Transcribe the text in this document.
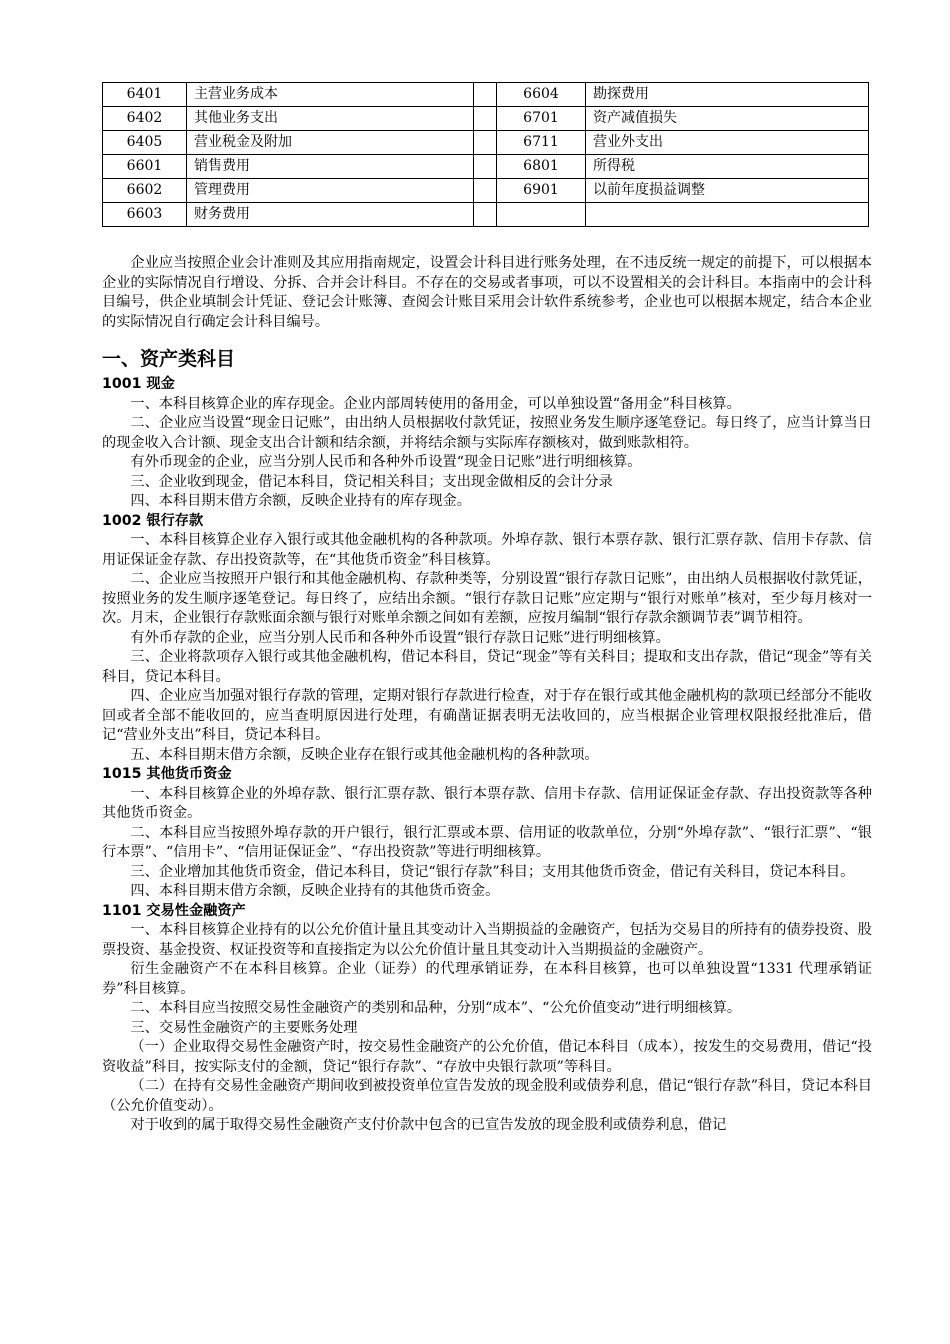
6401	主营业务成本		6604	勘探费用
6402	其他业务支出		6701	资产减值损失
6405	营业税金及附加		6711	营业外支出
6601	销售费用		6801	所得税
6602	管理费用		6901	以前年度损益调整
6603	财务费用			

企业应当按照企业会计准则及其应用指南规定，设置会计科目进行账务处理，在不违反统一规定的前提下，可以根据本企业的实际情况自行增设、分拆、合并会计科目。不存在的交易或者事项，可以不设置相关的会计科目。本指南中的会计科目编号，供企业填制会计凭证、登记会计账簿、查阅会计账目采用会计软件系统参考，企业也可以根据本规定，结合本企业的实际情况自行确定会计科目编号。

一、资产类科目
1001 现金

一、本科目核算企业的库存现金。企业内部周转使用的备用金，可以单独设置“备用金”科目核算。

二、企业应当设置“现金日记账”，由出纳人员根据收付款凭证，按照业务发生顺序逐笔登记。每日终了，应当计算当日的现金收入合计额、现金支出合计额和结余额，并将结余额与实际库存额核对，做到账款相符。

有外币现金的企业，应当分别人民币和各种外币设置“现金日记账”进行明细核算。

三、企业收到现金，借记本科目，贷记相关科目；支出现金做相反的会计分录

四、本科目期末借方余额，反映企业持有的库存现金。

1002 银行存款

一、本科目核算企业存入银行或其他金融机构的各种款项。外埠存款、银行本票存款、银行汇票存款、信用卡存款、信用证保证金存款、存出投资款等，在“其他货币资金”科目核算。

二、企业应当按照开户银行和其他金融机构、存款种类等，分别设置“银行存款日记账”，由出纳人员根据收付款凭证，按照业务的发生顺序逐笔登记。每日终了，应结出余额。“银行存款日记账”应定期与“银行对账单”核对，至少每月核对一次。月末，企业银行存款账面余额与银行对账单余额之间如有差额，应按月编制“银行存款余额调节表”调节相符。

有外币存款的企业，应当分别人民币和各种外币设置“银行存款日记账”进行明细核算。

三、企业将款项存入银行或其他金融机构，借记本科目，贷记“现金”等有关科目；提取和支出存款，借记“现金”等有关科目，贷记本科目。

四、企业应当加强对银行存款的管理，定期对银行存款进行检查，对于存在银行或其他金融机构的款项已经部分不能收回或者全部不能收回的，应当查明原因进行处理，有确凿证据表明无法收回的，应当根据企业管理权限报经批准后，借记“营业外支出”科目，贷记本科目。

五、本科目期末借方余额，反映企业存在银行或其他金融机构的各种款项。

1015 其他货币资金

一、本科目核算企业的外埠存款、银行汇票存款、银行本票存款、信用卡存款、信用证保证金存款、存出投资款等各种其他货币资金。

二、本科目应当按照外埠存款的开户银行，银行汇票或本票、信用证的收款单位，分别“外埠存款”、“银行汇票”、“银行本票”、“信用卡”、“信用证保证金”、“存出投资款”等进行明细核算。

三、企业增加其他货币资金，借记本科目，贷记“银行存款”科目；支用其他货币资金，借记有关科目，贷记本科目。

四、本科目期末借方余额，反映企业持有的其他货币资金。

1101 交易性金融资产

一、本科目核算企业持有的以公允价值计量且其变动计入当期损益的金融资产，包括为交易目的所持有的债券投资、股票投资、基金投资、权证投资等和直接指定为以公允价值计量且其变动计入当期损益的金融资产。

衍生金融资产不在本科目核算。企业（证券）的代理承销证券，在本科目核算，也可以单独设置“1331 代理承销证券”科目核算。

二、本科目应当按照交易性金融资产的类别和品种，分别“成本”、“公允价值变动”进行明细核算。

三、交易性金融资产的主要账务处理

（一）企业取得交易性金融资产时，按交易性金融资产的公允价值，借记本科目（成本），按发生的交易费用，借记“投资收益”科目，按实际支付的金额，贷记“银行存款”、“存放中央银行款项”等科目。

（二）在持有交易性金融资产期间收到被投资单位宣告发放的现金股利或债券利息，借记“银行存款”科目，贷记本科目（公允价值变动）。

对于收到的属于取得交易性金融资产支付价款中包含的已宣告发放的现金股利或债券利息，借记
